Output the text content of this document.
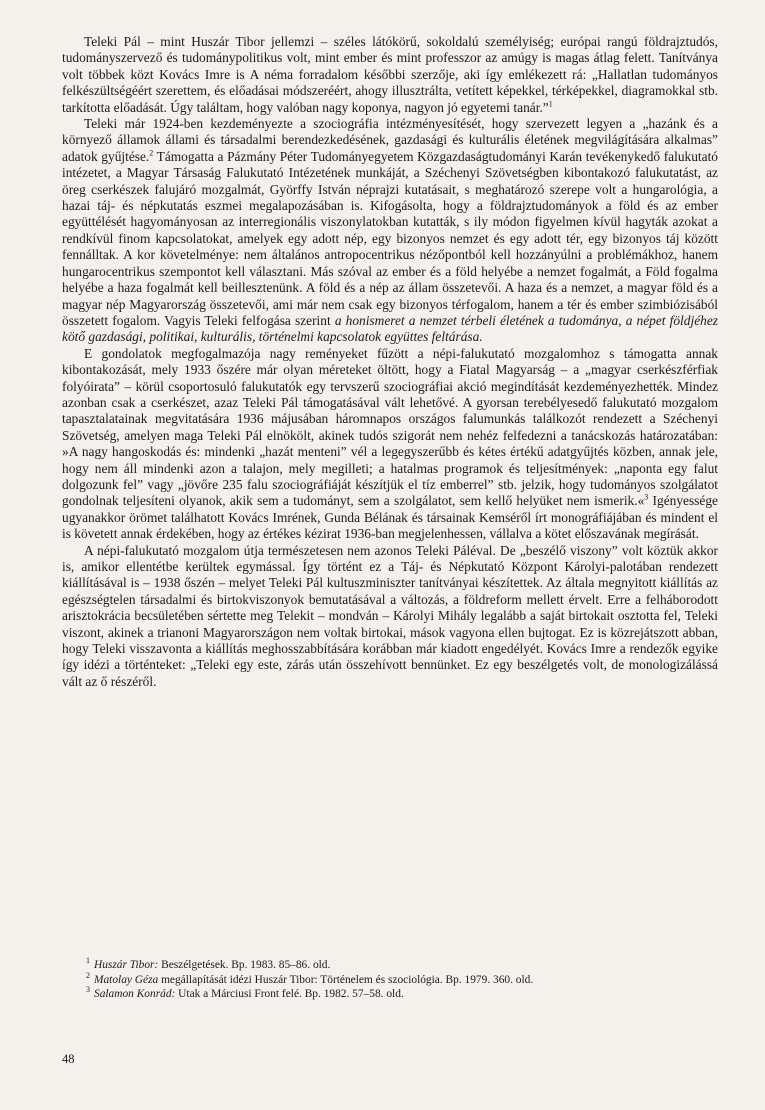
Teleki Pál – mint Huszár Tibor jellemzi – széles látókörű, sokoldalú személyiség; európai rangú földrajztudós, tudományszervező és tudománypolitikus volt, mint ember és mint professzor az amúgy is magas átlag felett. Tanítványa volt többek közt Kovács Imre is A néma forradalom későbbi szerzője, aki így emlékezett rá: „Hallatlan tudományos felkészültségéért szerettem, és előadásai módszeréért, ahogy illusztrálta, vetített képekkel, térképekkel, diagramokkal stb. tarkította előadását. Úgy találtam, hogy valóban nagy koponya, nagyon jó egyetemi tanár.”$^1$

Teleki már 1924-ben kezdeményezte a szociográfia intézményesítését, hogy szervezett legyen a „hazánk és a környező államok állami és társadalmi berendezkedésének, gazdasági és kulturális életének megvilágítására alkalmas” adatok gyűjtése.$^2$ Támogatta a Pázmány Péter Tudományegyetem Közgazdaságtudományi Karán tevékenykedő falukutató intézetet, a Magyar Társaság Falukutató Intézetének munkáját, a Széchenyi Szövetségben kibontakozó falukutatást, az öreg cserkészek falujáró mozgalmát, Györffy István néprajzi kutatásait, s meghatározó szerepe volt a hungarológia, a hazai táj- és népkutatás eszmei megalapozásában is. Kifogásolta, hogy a földrajztudományok a föld és az ember együttélését hagyományosan az interregionális viszonylatokban kutatták, s ily módon figyelmen kívül hagyták azokat a rendkívül finom kapcsolatokat, amelyek egy adott nép, egy bizonyos nemzet és egy adott tér, egy bizonyos táj között fennálltak. A kor követelménye: nem általános antropocentrikus nézőpontból kell hozzányúlni a problémákhoz, hanem hungarocentrikus szempontot kell választani. Más szóval az ember és a föld helyébe a nemzet fogalmát, a Föld fogalma helyébe a haza fogalmát kell beillesztenünk. A föld és a nép az állam összetevői. A haza és a nemzet, a magyar föld és a magyar nép Magyarország összetevői, ami már nem csak egy bizonyos térfogalom, hanem a tér és ember szimbiózisából összetett fogalom. Vagyis Teleki felfogása szerint a honismeret a nemzet térbeli életének a tudománya, a népet földjéhez kötő gazdasági, politikai, kulturális, történelmi kapcsolatok együttes feltárása.

E gondolatok megfogalmazója nagy reményeket fűzött a népi-falukutató mozgalomhoz s támogatta annak kibontakozását, mely 1933 őszére már olyan méreteket öltött, hogy a Fiatal Magyarság – a „magyar cserkészférfiak folyóirata” – körül csoportosuló falukutatók egy tervszerű szociográfiai akció megindítását kezdeményezhették. Mindez azonban csak a cserkészet, azaz Teleki Pál támogatásával vált lehetővé. A gyorsan terebélyesedő falukutató mozgalom tapasztalatainak megvitatására 1936 májusában háromnapos országos falumunkás találkozót rendezett a Széchenyi Szövetség, amelyen maga Teleki Pál elnökölt, akinek tudós szigorát nem nehéz felfedezni a tanácskozás határozatában: »A nagy hangoskodás és: mindenki „hazát menteni” vél a legegyszerűbb és kétes értékű adatgyűjtés közben, annak jele, hogy nem áll mindenki azon a talajon, mely megilleti; a hatalmas programok és teljesítmények: „naponta egy falut dolgozunk fel” vagy „jövőre 235 falu szociográfiáját készítjük el tíz emberrel” stb. jelzik, hogy tudományos szolgálatot gondolnak teljesíteni olyanok, akik sem a tudományt, sem a szolgálatot, sem kellő helyüket nem ismerik.«$^3$ Igényessége ugyanakkor örömet találhatott Kovács Imrének, Gunda Bélának és társainak Kemséről írt monográfiájában és mindent el is követett annak érdekében, hogy az értékes kézirat 1936-ban megjelenhessen, vállalva a kötet előszavának megírását.

A népi-falukutató mozgalom útja természetesen nem azonos Teleki Páléval. De „beszélő viszony” volt köztük akkor is, amikor ellentétbe kerültek egymással. Így történt ez a Táj- és Népkutató Központ Károlyi-palotában rendezett kiállításával is – 1938 őszén – melyet Teleki Pál kultuszminiszter tanítványai készítettek. Az általa megnyitott kiállítás az egészségtelen társadalmi és birtokviszonyok bemutatásával a változás, a földreform mellett érvelt. Erre a felháborodott arisztokrácia becsületében sértette meg Telekit – mondván – Károlyi Mihály legalább a saját birtokait osztotta fel, Teleki viszont, akinek a trianoni Magyarországon nem voltak birtokai, mások vagyona ellen bujtogat. Ez is közrejátszott abban, hogy Teleki visszavonta a kiállítás meghosszabbítására korábban már kiadott engedélyét. Kovács Imre a rendezők egyike így idézi a történteket: „Teleki egy este, zárás után összehívott bennünket. Ez egy beszélgetés volt, de monologizálássá vált az ő részéről.

$^1$ Huszár Tibor: Beszélgetések. Bp. 1983. 85–86. old.

$^2$ Matolay Géza megállapítását idézi Huszár Tibor: Történelem és szociológia. Bp. 1979. 360. old.

$^3$ Salamon Konrád: Utak a Márciusi Front felé. Bp. 1982. 57–58. old.

48
